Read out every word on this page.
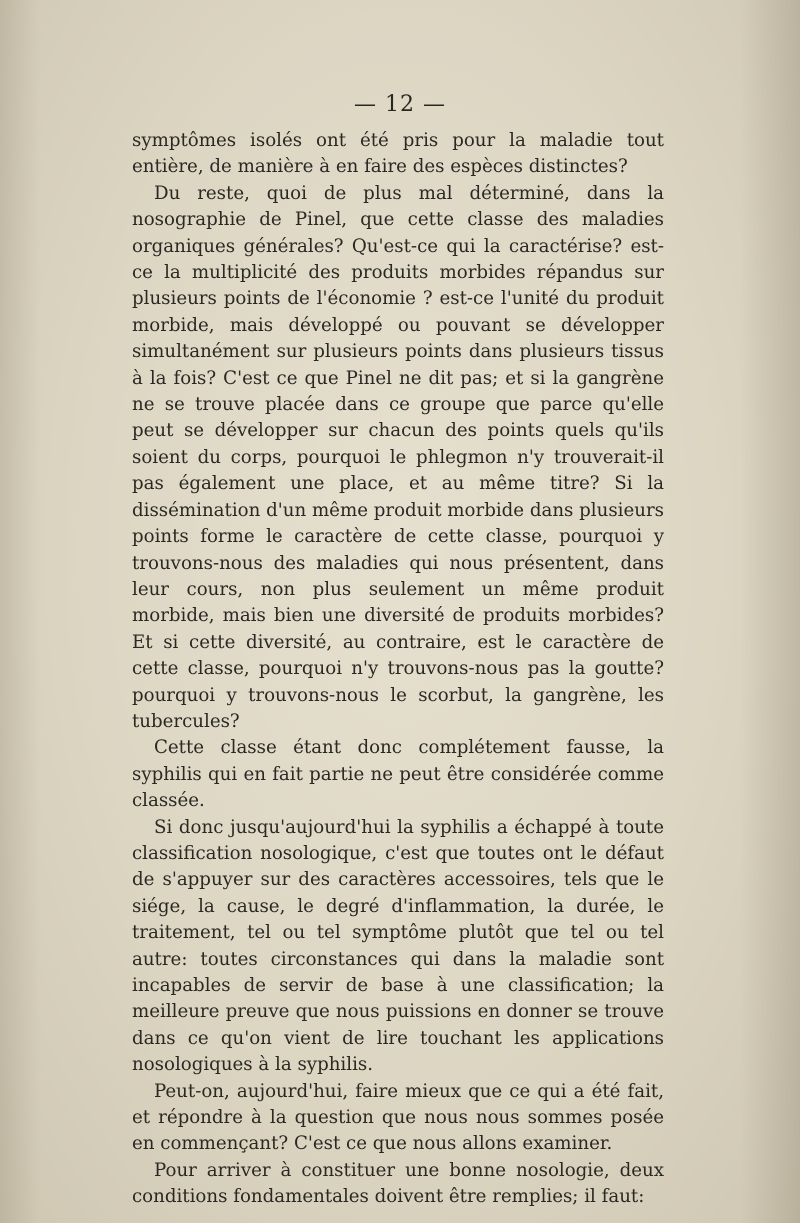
— 12 —

symptômes isolés ont été pris pour la maladie tout entière, de manière à en faire des espèces distinctes?

Du reste, quoi de plus mal déterminé, dans la nosographie de Pinel, que cette classe des maladies organiques générales? Qu'est-ce qui la caractérise? est-ce la multiplicité des produits morbides répandus sur plusieurs points de l'économie ? est-ce l'unité du produit morbide, mais développé ou pouvant se développer simultanément sur plusieurs points dans plusieurs tissus à la fois? C'est ce que Pinel ne dit pas; et si la gangrène ne se trouve placée dans ce groupe que parce qu'elle peut se développer sur chacun des points quels qu'ils soient du corps, pourquoi le phlegmon n'y trouverait-il pas également une place, et au même titre? Si la dissémination d'un même produit morbide dans plusieurs points forme le caractère de cette classe, pourquoi y trouvons-nous des maladies qui nous présentent, dans leur cours, non plus seulement un même produit morbide, mais bien une diversité de produits morbides? Et si cette diversité, au contraire, est le caractère de cette classe, pourquoi n'y trouvons-nous pas la goutte? pourquoi y trouvons-nous le scorbut, la gangrène, les tubercules?

Cette classe étant donc complétement fausse, la syphilis qui en fait partie ne peut être considérée comme classée.

Si donc jusqu'aujourd'hui la syphilis a échappé à toute classification nosologique, c'est que toutes ont le défaut de s'appuyer sur des caractères accessoires, tels que le siége, la cause, le degré d'inflammation, la durée, le traitement, tel ou tel symptôme plutôt que tel ou tel autre: toutes circonstances qui dans la maladie sont incapables de servir de base à une classification; la meilleure preuve que nous puissions en donner se trouve dans ce qu'on vient de lire touchant les applications nosologiques à la syphilis.

Peut-on, aujourd'hui, faire mieux que ce qui a été fait, et répondre à la question que nous nous sommes posée en commençant? C'est ce que nous allons examiner.

Pour arriver à constituer une bonne nosologie, deux conditions fondamentales doivent être remplies; il faut:
